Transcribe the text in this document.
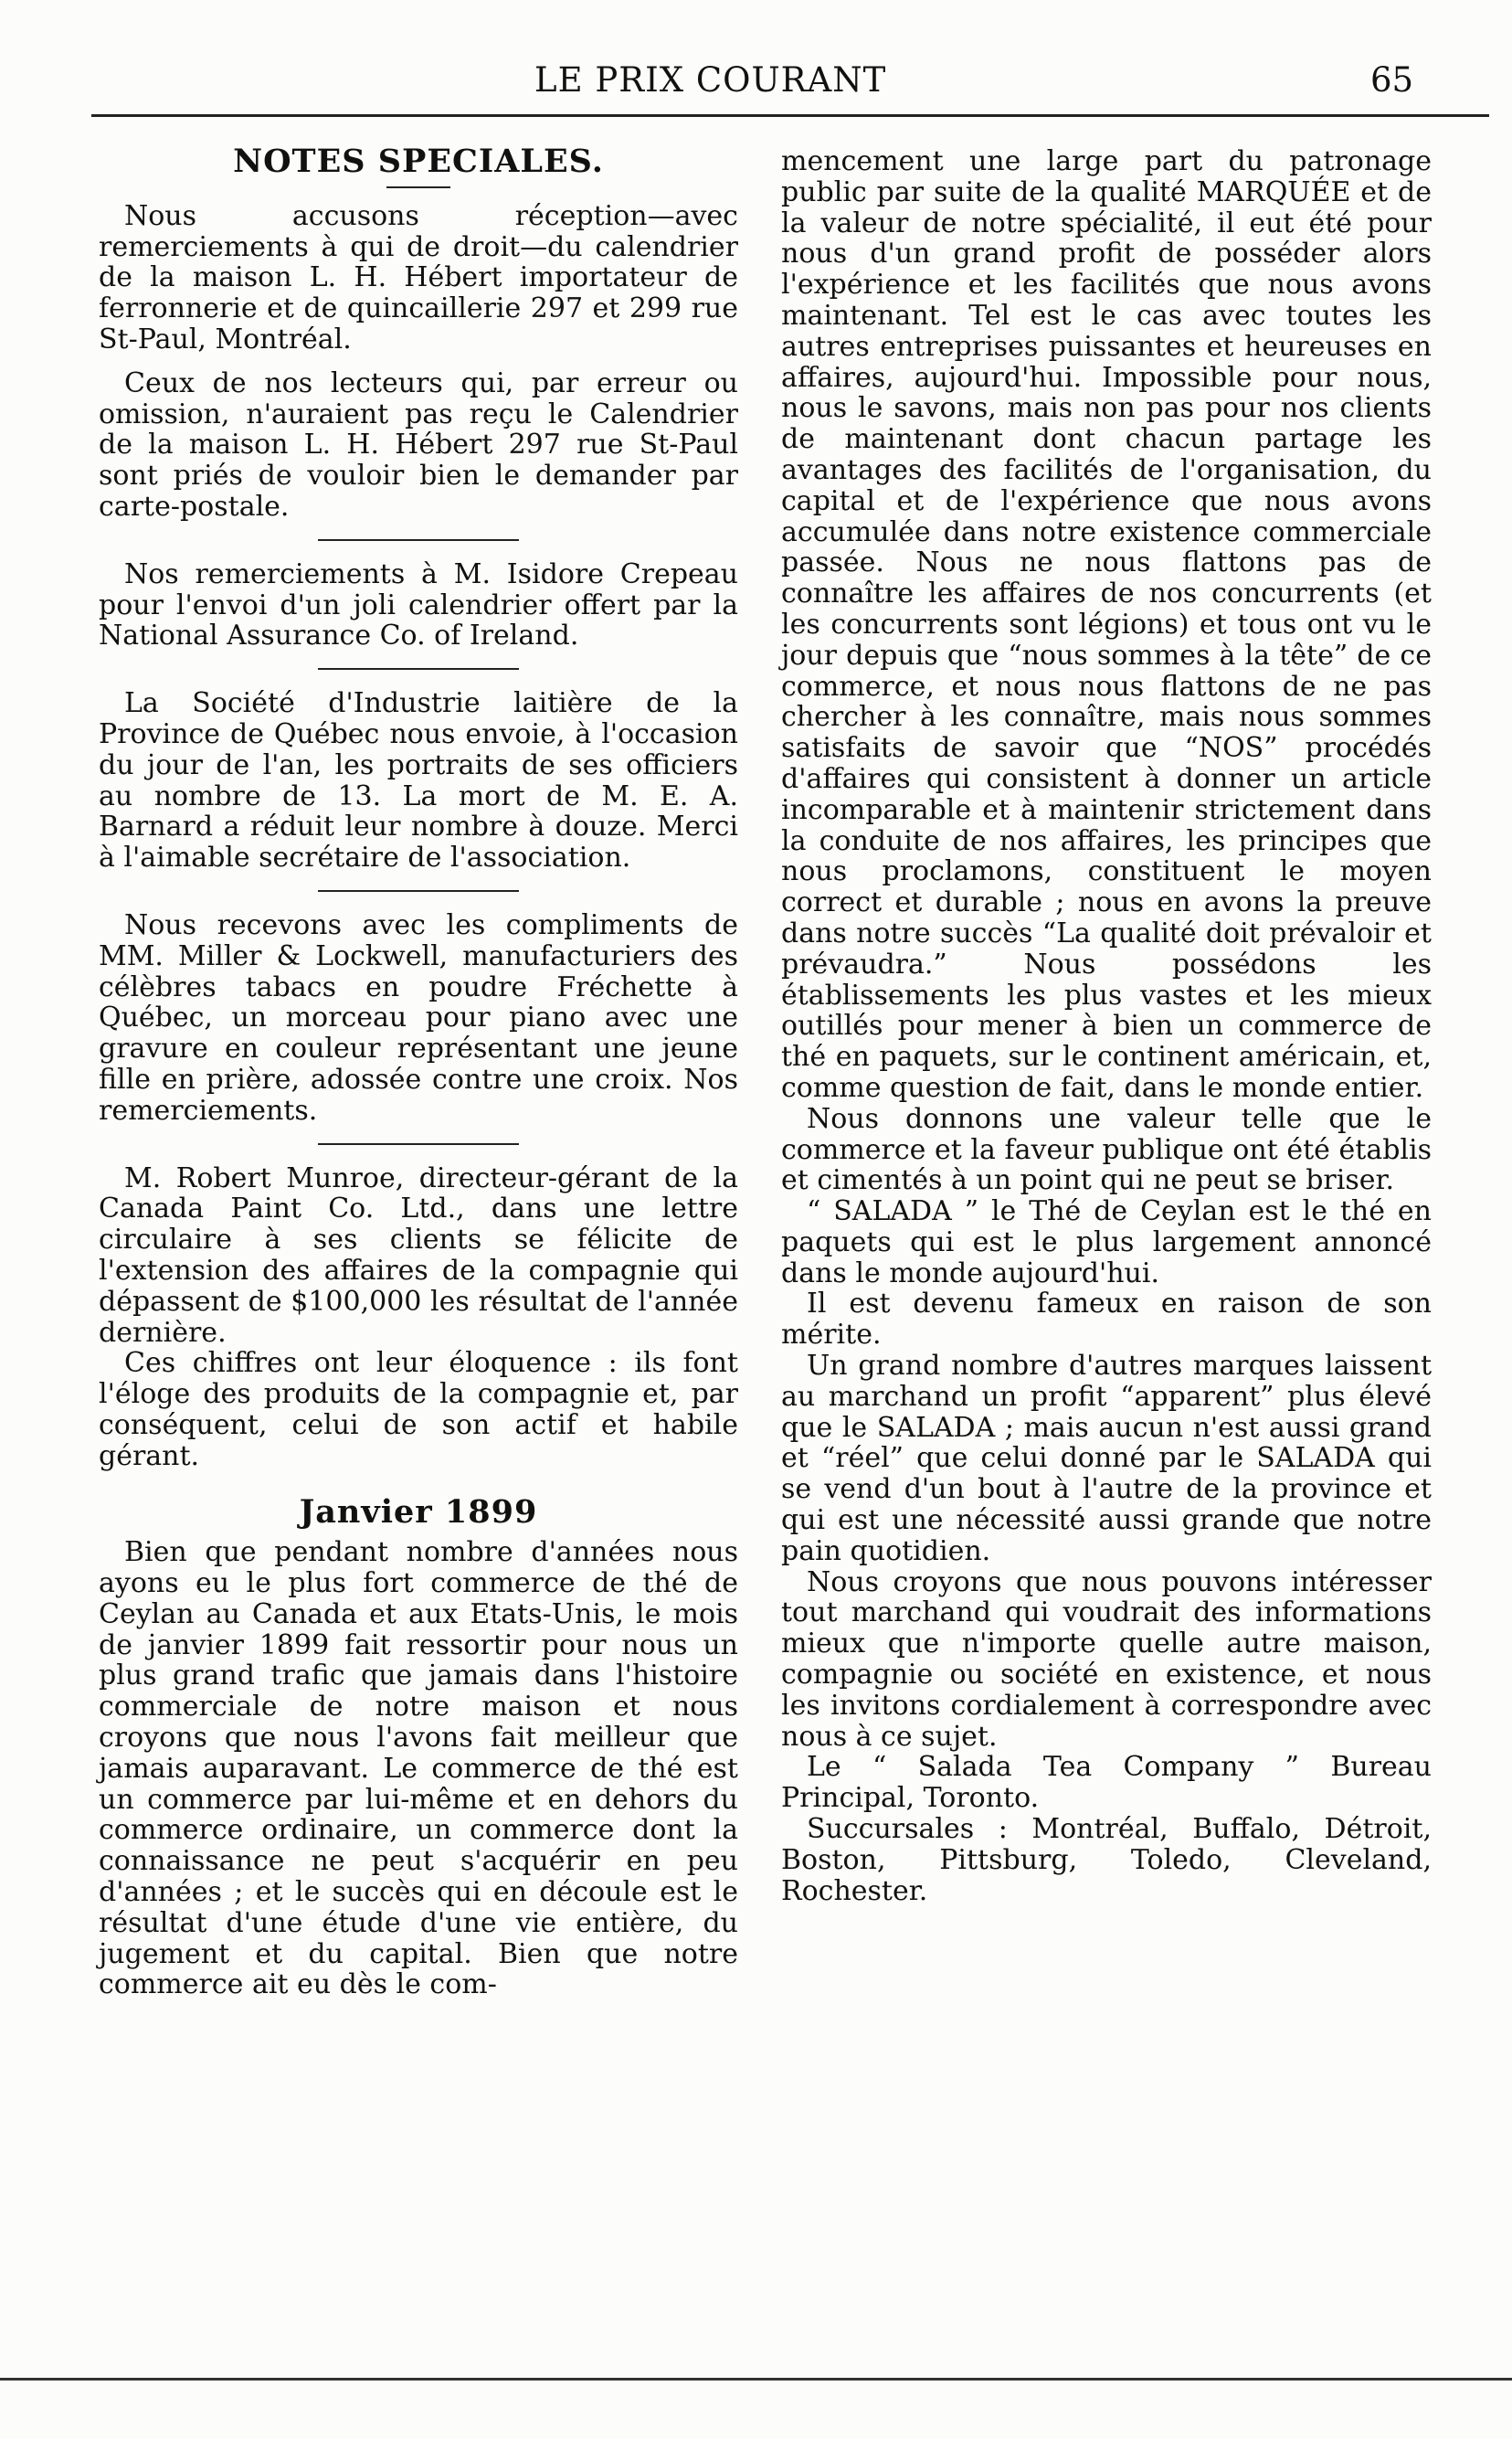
LE PRIX COURANT	65
NOTES SPECIALES.

Nous accusons réception—avec remerciements à qui de droit—du calendrier de la maison L. H. Hébert importateur de ferronnerie et de quincaillerie 297 et 299 rue St-Paul, Montréal.

Ceux de nos lecteurs qui, par erreur ou omission, n'auraient pas reçu le Calendrier de la maison L. H. Hébert 297 rue St-Paul sont priés de vouloir bien le demander par carte-postale.

Nos remerciements à M. Isidore Crepeau pour l'envoi d'un joli calendrier offert par la National Assurance Co. of Ireland.

La Société d'Industrie laitière de la Province de Québec nous envoie, à l'occasion du jour de l'an, les portraits de ses officiers au nombre de 13. La mort de M. E. A. Barnard a réduit leur nombre à douze. Merci à l'aimable secrétaire de l'association.

Nous recevons avec les compliments de MM. Miller & Lockwell, manufacturiers des célèbres tabacs en poudre Fréchette à Québec, un morceau pour piano avec une gravure en couleur représentant une jeune fille en prière, adossée contre une croix. Nos remerciements.

M. Robert Munroe, directeur-gérant de la Canada Paint Co. Ltd., dans une lettre circulaire à ses clients se félicite de l'extension des affaires de la compagnie qui dépassent de $100,000 les résultat de l'année dernière.

Ces chiffres ont leur éloquence : ils font l'éloge des produits de la compagnie et, par conséquent, celui de son actif et habile gérant.

Janvier 1899

Bien que pendant nombre d'années nous ayons eu le plus fort commerce de thé de Ceylan au Canada et aux Etats-Unis, le mois de janvier 1899 fait ressortir pour nous un plus grand trafic que jamais dans l'histoire commerciale de notre maison et nous croyons que nous l'avons fait meilleur que jamais auparavant. Le commerce de thé est un commerce par lui-même et en dehors du commerce ordinaire, un commerce dont la connaissance ne peut s'acquérir en peu d'années ; et le succès qui en découle est le résultat d'une étude d'une vie entière, du jugement et du capital. Bien que notre commerce ait eu dès le com-

mencement une large part du patronage public par suite de la qualité MARQUÉE et de la valeur de notre spécialité, il eut été pour nous d'un grand profit de posséder alors l'expérience et les facilités que nous avons maintenant. Tel est le cas avec toutes les autres entreprises puissantes et heureuses en affaires, aujourd'hui. Impossible pour nous, nous le savons, mais non pas pour nos clients de maintenant dont chacun partage les avantages des facilités de l'organisation, du capital et de l'expérience que nous avons accumulée dans notre existence commerciale passée. Nous ne nous flattons pas de connaître les affaires de nos concurrents (et les concurrents sont légions) et tous ont vu le jour depuis que “nous sommes à la tête” de ce commerce, et nous nous flattons de ne pas chercher à les connaître, mais nous sommes satisfaits de savoir que “NOS” procédés d'affaires qui consistent à donner un article incomparable et à maintenir strictement dans la conduite de nos affaires, les principes que nous proclamons, constituent le moyen correct et durable ; nous en avons la preuve dans notre succès “La qualité doit prévaloir et prévaudra.” Nous possédons les établissements les plus vastes et les mieux outillés pour mener à bien un commerce de thé en paquets, sur le continent américain, et, comme question de fait, dans le monde entier.

Nous donnons une valeur telle que le commerce et la faveur publique ont été établis et cimentés à un point qui ne peut se briser.

“ SALADA ” le Thé de Ceylan est le thé en paquets qui est le plus largement annoncé dans le monde aujourd'hui.

Il est devenu fameux en raison de son mérite.

Un grand nombre d'autres marques laissent au marchand un profit “apparent” plus élevé que le SALADA ; mais aucun n'est aussi grand et “réel” que celui donné par le SALADA qui se vend d'un bout à l'autre de la province et qui est une nécessité aussi grande que notre pain quotidien.

Nous croyons que nous pouvons intéresser tout marchand qui voudrait des informations mieux que n'importe quelle autre maison, compagnie ou société en existence, et nous les invitons cordialement à correspondre avec nous à ce sujet.

Le “ Salada Tea Company ” Bureau Principal, Toronto.

Succursales : Montréal, Buffalo, Détroit, Boston, Pittsburg, Toledo, Cleveland, Rochester.
